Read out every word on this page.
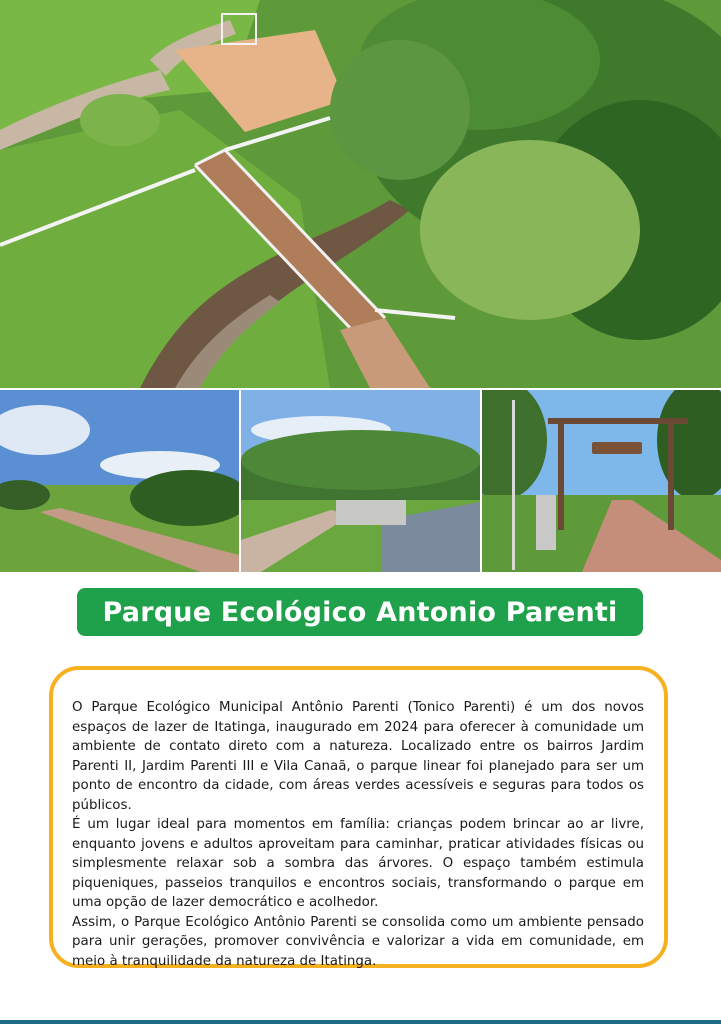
Parque Ecológico Antonio Parenti

O Parque Ecológico Municipal Antônio Parenti (Tonico Parenti) é um dos novos espaços de lazer de Itatinga, inaugurado em 2024 para oferecer à comunidade um ambiente de contato direto com a natureza. Localizado entre os bairros Jardim Parenti II, Jardim Parenti III e Vila Canaã, o parque linear foi planejado para ser um ponto de encontro da cidade, com áreas verdes acessíveis e seguras para todos os públicos.

É um lugar ideal para momentos em família: crianças podem brincar ao ar livre, enquanto jovens e adultos aproveitam para caminhar, praticar atividades físicas ou simplesmente relaxar sob a sombra das árvores. O espaço também estimula piqueniques, passeios tranquilos e encontros sociais, transformando o parque em uma opção de lazer democrático e acolhedor.

Assim, o Parque Ecológico Antônio Parenti se consolida como um ambiente pensado para unir gerações, promover convivência e valorizar a vida em comunidade, em meio à tranquilidade da natureza de Itatinga.
